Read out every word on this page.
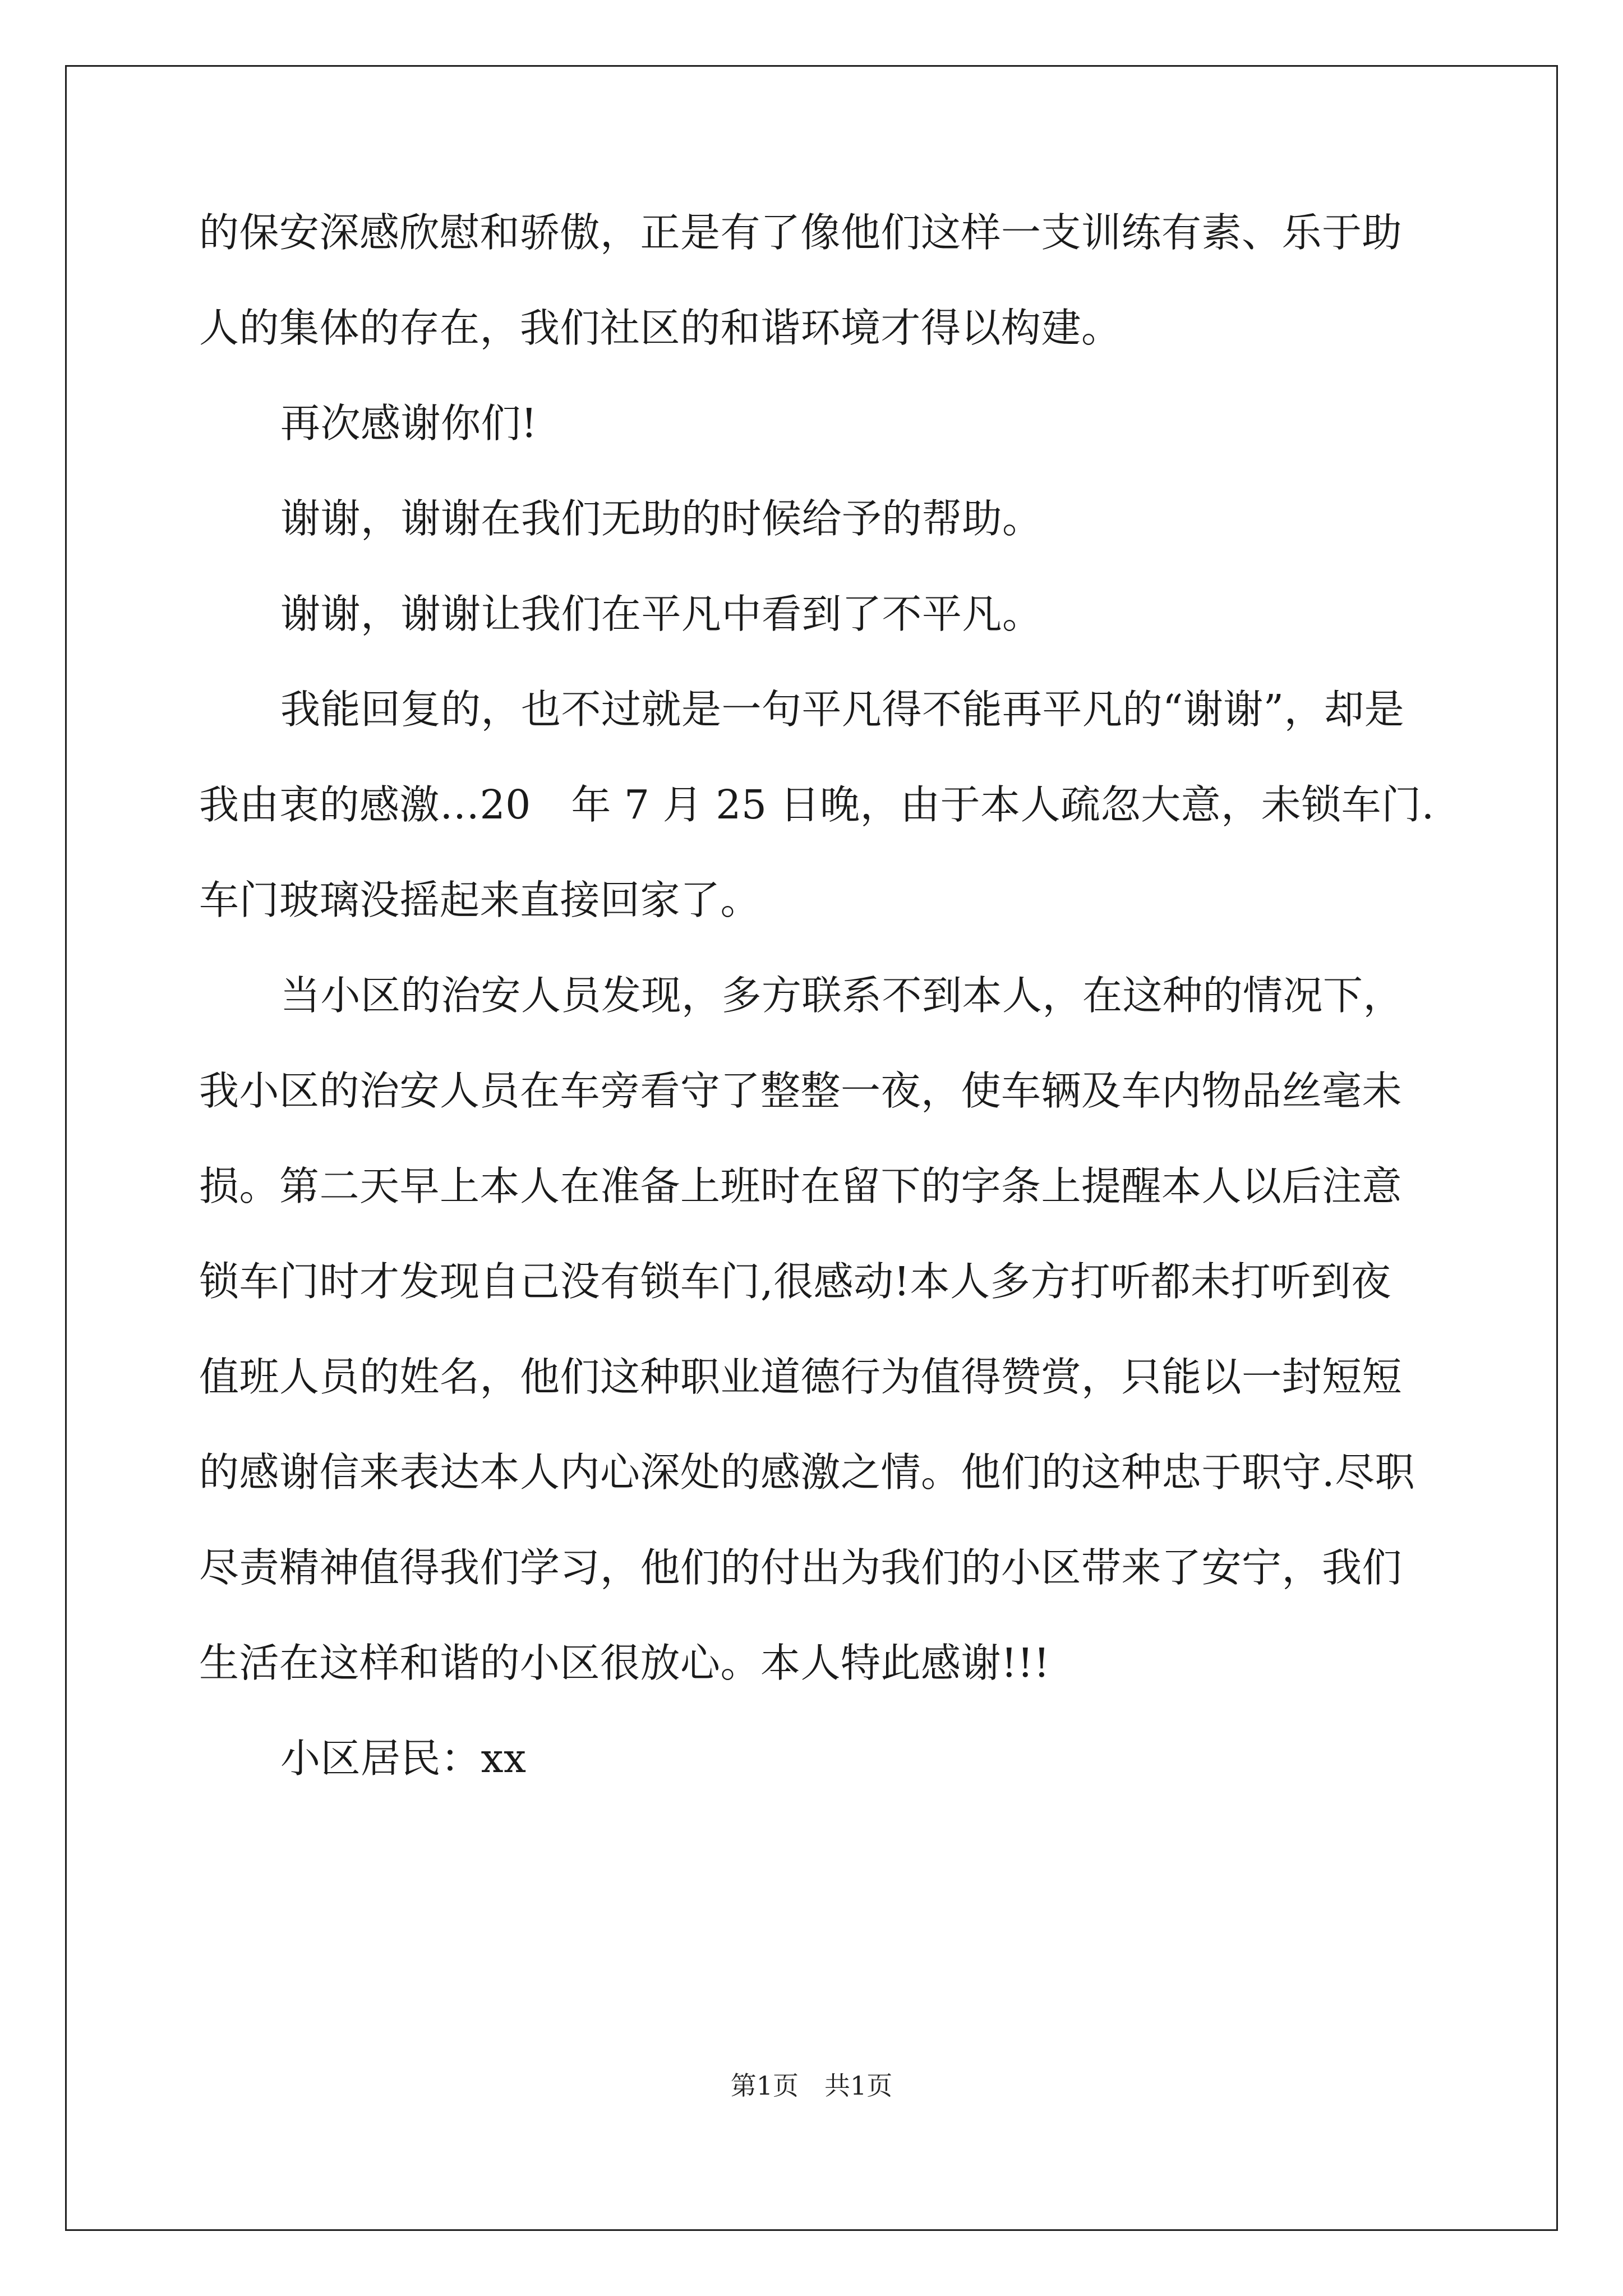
的保安深感欣慰和骄傲，正是有了像他们这样一支训练有素、乐于助
人的集体的存在，我们社区的和谐环境才得以构建。
再次感谢你们!
谢谢，谢谢在我们无助的时候给予的帮助。
谢谢，谢谢让我们在平凡中看到了不平凡。
我能回复的，也不过就是一句平凡得不能再平凡的“谢谢”，却是
我由衷的感激…20　年 7 月 25 日晚，由于本人疏忽大意，未锁车门.
车门玻璃没摇起来直接回家了。
当小区的治安人员发现，多方联系不到本人，在这种的情况下，
我小区的治安人员在车旁看守了整整一夜，使车辆及车内物品丝毫未
损。第二天早上本人在准备上班时在留下的字条上提醒本人以后注意
锁车门时才发现自己没有锁车门,很感动!本人多方打听都未打听到夜
值班人员的姓名，他们这种职业道德行为值得赞赏，只能以一封短短
的感谢信来表达本人内心深处的感激之情。他们的这种忠于职守.尽职
尽责精神值得我们学习，他们的付出为我们的小区带来了安宁，我们
生活在这样和谐的小区很放心。本人特此感谢!!!
小区居民：xx
第1页　共1页
